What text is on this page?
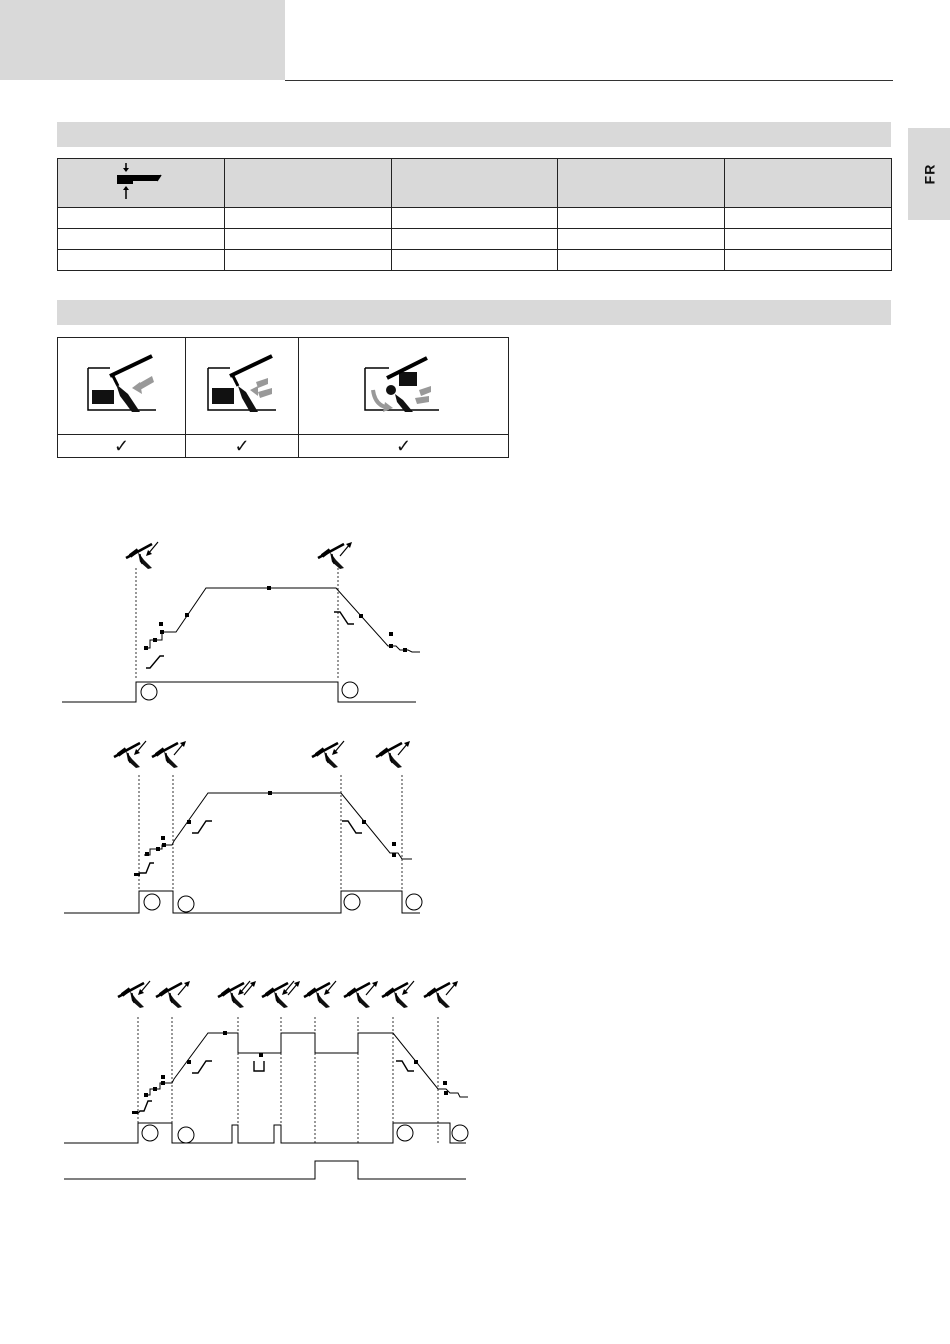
FR

✓	✓	✓
